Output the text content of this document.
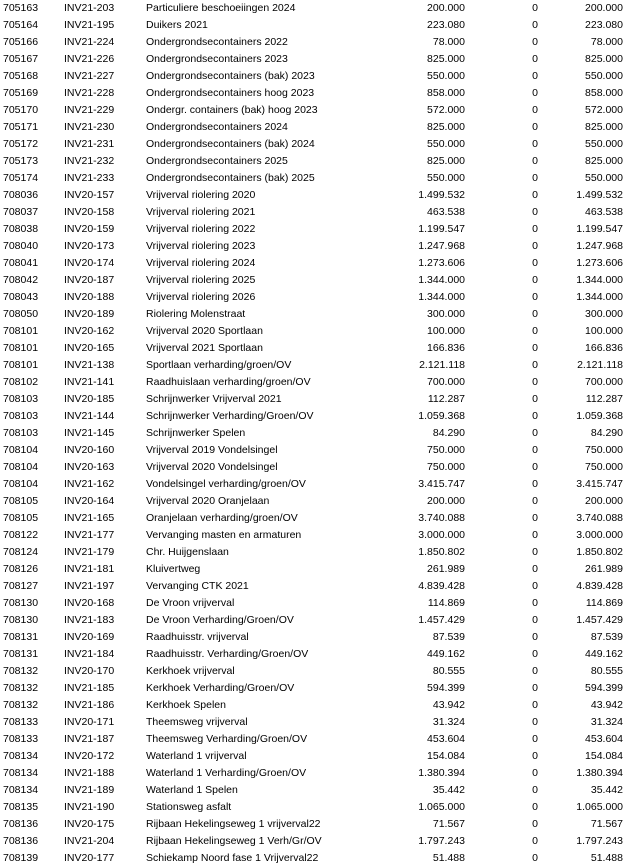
705163	INV21-203	Particuliere beschoeiingen 2024	200.000	0	200.000
705164	INV21-195	Duikers 2021	223.080	0	223.080
705166	INV21-224	Ondergrondsecontainers 2022	78.000	0	78.000
705167	INV21-226	Ondergrondsecontainers 2023	825.000	0	825.000
705168	INV21-227	Ondergrondsecontainers (bak) 2023	550.000	0	550.000
705169	INV21-228	Ondergrondsecontainers hoog 2023	858.000	0	858.000
705170	INV21-229	Ondergr. containers (bak) hoog 2023	572.000	0	572.000
705171	INV21-230	Ondergrondsecontainers 2024	825.000	0	825.000
705172	INV21-231	Ondergrondsecontainers (bak) 2024	550.000	0	550.000
705173	INV21-232	Ondergrondsecontainers 2025	825.000	0	825.000
705174	INV21-233	Ondergrondsecontainers (bak) 2025	550.000	0	550.000
708036	INV20-157	Vrijverval riolering 2020	1.499.532	0	1.499.532
708037	INV20-158	Vrijverval riolering 2021	463.538	0	463.538
708038	INV20-159	Vrijverval riolering 2022	1.199.547	0	1.199.547
708040	INV20-173	Vrijverval riolering 2023	1.247.968	0	1.247.968
708041	INV20-174	Vrijverval riolering 2024	1.273.606	0	1.273.606
708042	INV20-187	Vrijverval riolering 2025	1.344.000	0	1.344.000
708043	INV20-188	Vrijverval riolering 2026	1.344.000	0	1.344.000
708050	INV20-189	Riolering Molenstraat	300.000	0	300.000
708101	INV20-162	Vrijverval 2020 Sportlaan	100.000	0	100.000
708101	INV20-165	Vrijverval 2021 Sportlaan	166.836	0	166.836
708101	INV21-138	Sportlaan verharding/groen/OV	2.121.118	0	2.121.118
708102	INV21-141	Raadhuislaan verharding/groen/OV	700.000	0	700.000
708103	INV20-185	Schrijnwerker Vrijverval 2021	112.287	0	112.287
708103	INV21-144	Schrijnwerker Verharding/Groen/OV	1.059.368	0	1.059.368
708103	INV21-145	Schrijnwerker Spelen	84.290	0	84.290
708104	INV20-160	Vrijverval 2019 Vondelsingel	750.000	0	750.000
708104	INV20-163	Vrijverval 2020 Vondelsingel	750.000	0	750.000
708104	INV21-162	Vondelsingel verharding/groen/OV	3.415.747	0	3.415.747
708105	INV20-164	Vrijverval 2020 Oranjelaan	200.000	0	200.000
708105	INV21-165	Oranjelaan verharding/groen/OV	3.740.088	0	3.740.088
708122	INV21-177	Vervanging masten en armaturen	3.000.000	0	3.000.000
708124	INV21-179	Chr. Huijgenslaan	1.850.802	0	1.850.802
708126	INV21-181	Kluivertweg	261.989	0	261.989
708127	INV21-197	Vervanging CTK 2021	4.839.428	0	4.839.428
708130	INV20-168	De Vroon vrijverval	114.869	0	114.869
708130	INV21-183	De Vroon Verharding/Groen/OV	1.457.429	0	1.457.429
708131	INV20-169	Raadhuisstr. vrijverval	87.539	0	87.539
708131	INV21-184	Raadhuisstr. Verharding/Groen/OV	449.162	0	449.162
708132	INV20-170	Kerkhoek vrijverval	80.555	0	80.555
708132	INV21-185	Kerkhoek Verharding/Groen/OV	594.399	0	594.399
708132	INV21-186	Kerkhoek Spelen	43.942	0	43.942
708133	INV20-171	Theemsweg vrijverval	31.324	0	31.324
708133	INV21-187	Theemsweg Verharding/Groen/OV	453.604	0	453.604
708134	INV20-172	Waterland 1 vrijverval	154.084	0	154.084
708134	INV21-188	Waterland 1 Verharding/Groen/OV	1.380.394	0	1.380.394
708134	INV21-189	Waterland 1 Spelen	35.442	0	35.442
708135	INV21-190	Stationsweg asfalt	1.065.000	0	1.065.000
708136	INV20-175	Rijbaan Hekelingseweg 1 vrijverval22	71.567	0	71.567
708136	INV21-204	Rijbaan Hekelingseweg 1 Verh/Gr/OV	1.797.243	0	1.797.243
708139	INV20-177	Schiekamp Noord fase 1 Vrijverval22	51.488	0	51.488
